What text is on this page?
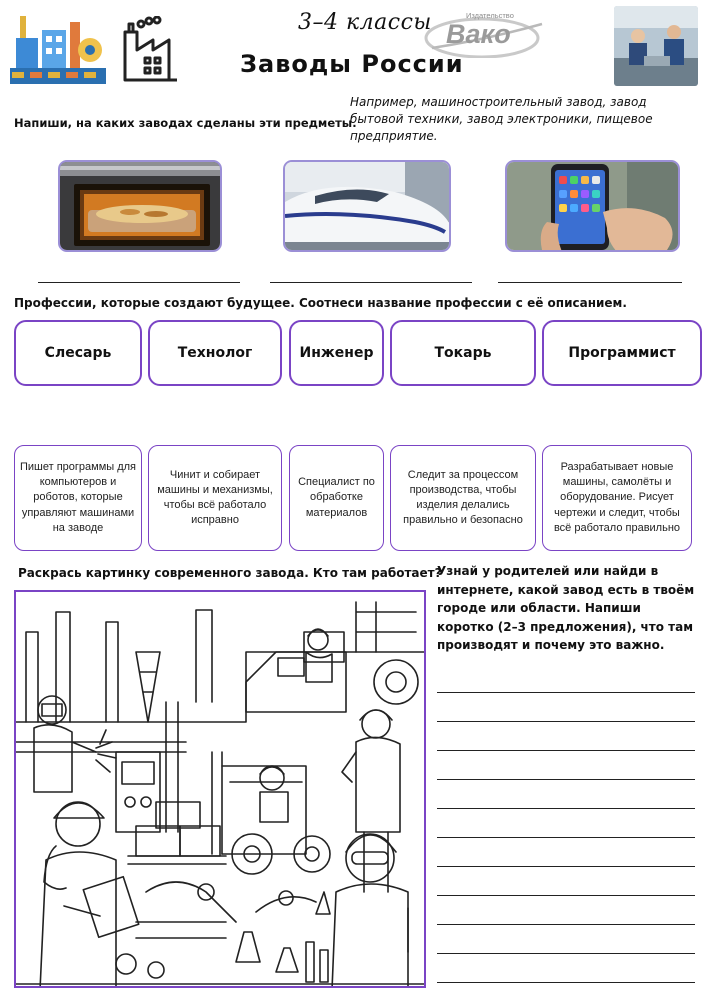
3–4 классы	Издательство
Вако
Заводы России
Напиши, на каких заводах сделаны эти предметы.
Например, машиностроительный завод, завод бытовой техники, завод электроники, пищевое предприятие.
Профессии, которые создают будущее. Соотнеси название профессии с её описанием.
Слесарь	Технолог	Инженер	Токарь	Программист
Пишет программы для компьютеров и роботов, которые управляют машинами на заводе
Чинит и собирает машины и механизмы, чтобы всё работало исправно
Специалист по обработке материалов
Следит за процессом производства, чтобы изделия делались правильно и безопасно
Разрабатывает новые машины, самолёты и оборудование. Рисует чертежи и следит, чтобы всё работало правильно
Раскрась картинку современного завода. Кто там работает?
Узнай у родителей или найди в интернете, какой завод есть в твоём городе или области. Напиши коротко (2–3 предложения), что там производят и почему это важно.
